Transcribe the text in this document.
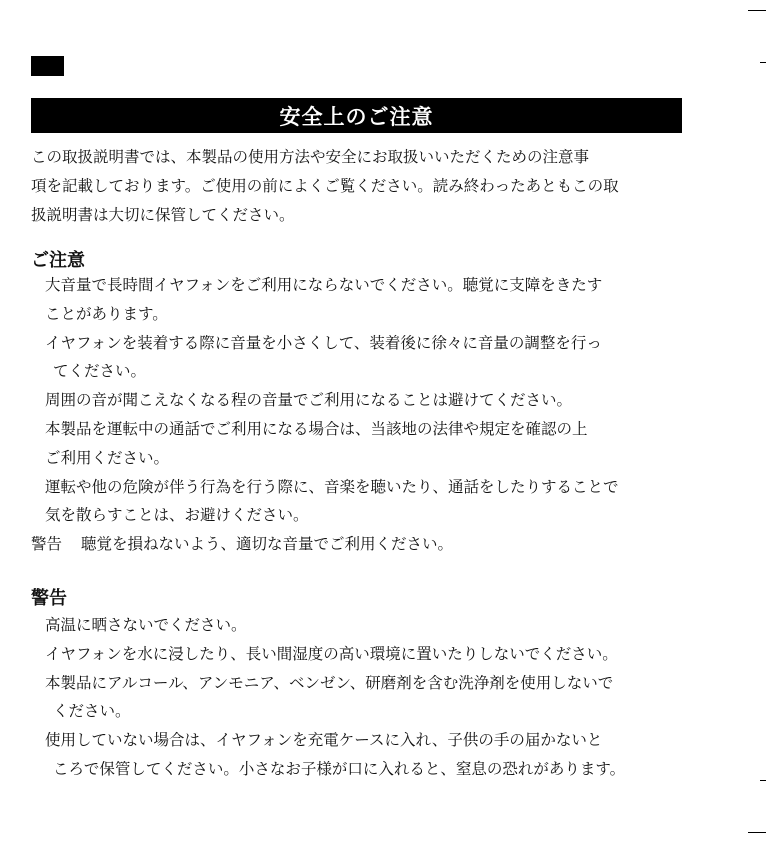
安全上のご注意

この取扱説明書では、本製品の使用方法や安全にお取扱いいただくための注意事

項を記載しております。ご使用の前によくご覧ください。読み終わったあともこの取

扱説明書は大切に保管してください。

ご注意

大音量で長時間イヤフォンをご利用にならないでください。聴覚に支障をきたす

ことがあります。

イヤフォンを装着する際に音量を小さくして、装着後に徐々に音量の調整を行っ

てください。

周囲の音が聞こえなくなる程の音量でご利用になることは避けてください。

本製品を運転中の通話でご利用になる場合は、当該地の法律や規定を確認の上

ご利用ください。

運転や他の危険が伴う行為を行う際に、音楽を聴いたり、通話をしたりすることで

気を散らすことは、お避けください。

警告	聴覚を損ねないよう、適切な音量でご利用ください。
警告

高温に晒さないでください。

イヤフォンを水に浸したり、長い間湿度の高い環境に置いたりしないでください。

本製品にアルコール、アンモニア、ベンゼン、研磨剤を含む洗浄剤を使用しないで

ください。

使用していない場合は、イヤフォンを充電ケースに入れ、子供の手の届かないと

ころで保管してください。小さなお子様が口に入れると、窒息の恐れがあります。
